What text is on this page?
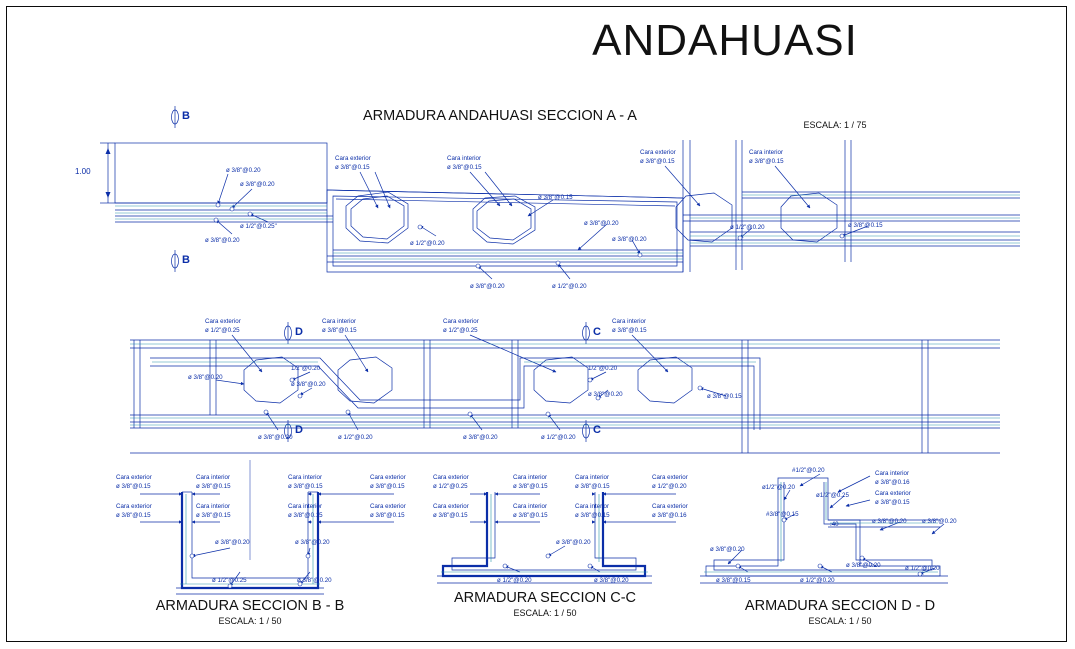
ANDAHUASI
ARMADURA ANDAHUASI SECCION A - A
ESCALA: 1 / 75
1.00
B
B
D
D
C
C
ARMADURA SECCION B - B
ESCALA: 1 / 50
ARMADURA SECCION C-C
ESCALA: 1 / 50	ARMADURA SECCION D - D
ESCALA: 1 / 50
ø 3/8"@0.20
ø 3/8"@0.20
ø 1/2"@0.25"
ø 3/8"@0.20
Cara exterior
ø 3/8"@0.15
Cara interior
ø 3/8"@0.15
ø 3/8"@0.15
ø 1/2"@0.20
ø 3/8"@0.20
ø 3/8"@0.20
ø 3/8"@0.20	ø 1/2"@0.20
Cara exterior
ø 3/8"@0.15
Cara interior
ø 3/8"@0.15
ø 1/2"@0.20	ø 3/8"@0.15
Cara exterior
ø 1/2"@0.25
Cara interior
ø 3/8"@0.15
ø 3/8"@0.20
1/2"@0.20
ø 3/8"@0.20
ø 3/8"@0.20	ø 1/2"@0.20	ø 3/8"@0.20	ø 1/2"@0.20
Cara exterior
ø 1/2"@0.25
Cara interior
ø 3/8"@0.15
1/2"@0.20
ø 3/8"@0.20	ø 3/8"@0.15
Cara exterior
ø 3/8"@0.15
Cara interior
ø 3/8"@0.15
Cara interior
ø 3/8"@0.15
Cara exterior
ø 3/8"@0.15
Cara exterior
ø 3/8"@0.15
Cara interior
ø 3/8"@0.15
Cara interior
ø 3/8"@0.15
Cara exterior
ø 3/8"@0.15
ø 3/8"@0.20	ø 3/8"@0.20
ø 1/2"@0.25	ø 3/8"@0.20
Cara exterior
ø 1/2"@0.25
Cara interior
ø 3/8"@0.15
Cara interior
ø 3/8"@0.15
Cara exterior
ø 1/2"@0.20
Cara exterior
ø 3/8"@0.15
Cara interior
ø 3/8"@0.15
Cara interior
ø 3/8"@0.15
Cara exterior
ø 3/8"@0.16
ø 3/8"@0.20
ø 1/2"@0.20	ø 3/8"@0.20
#1/2"@0.20
ø1/2"@0.20
ø1/2"@0.25
Cara interior
ø 3/8"@0.16
Cara exterior
ø 3/8"@0.15
#3/8"@0.15
.40	ø 3/8"@0.20 ø 3/8"@0.20
ø 3/8"@0.20
ø 3/8"@0.20
ø 3/8"@0.15	ø 1/2"@0.20
ø 1/2"@0.20
